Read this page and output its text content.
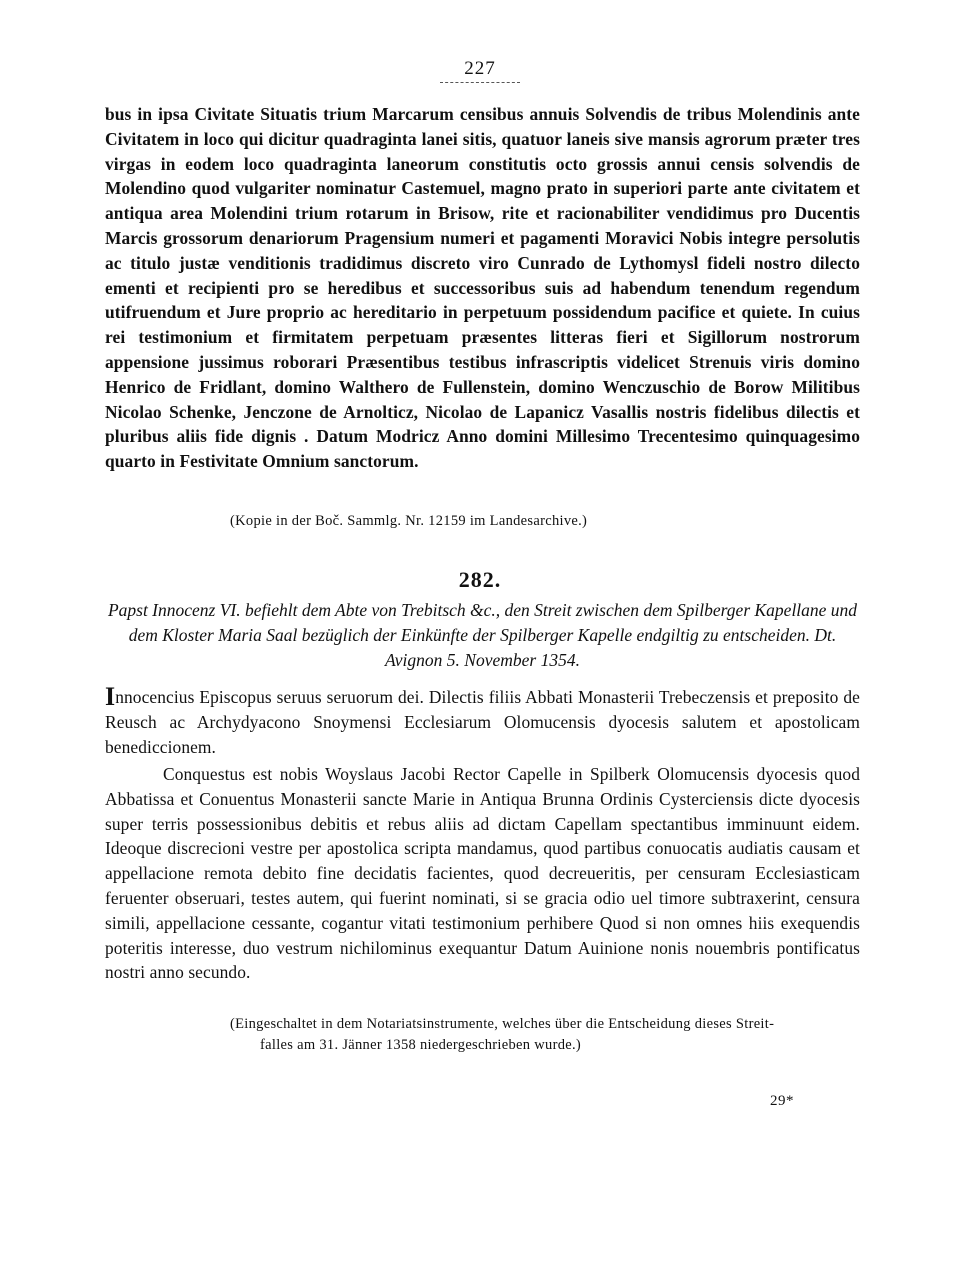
227
bus in ipsa Civitate Situatis trium Marcarum censibus annuis Solvendis de tribus Molendinis ante Civitatem in loco qui dicitur quadraginta lanei sitis, quatuor laneis sive mansis agrorum præter tres virgas in eodem loco quadraginta laneorum constitutis octo grossis annui censis solvendis de Molendino quod vulgariter nominatur Castemuel, magno prato in superiori parte ante civitatem et antiqua area Molendini trium rotarum in Brisow, rite et racionabiliter vendidimus pro Ducentis Marcis grossorum denariorum Pragensium numeri et pagamenti Moravici Nobis integre persolutis ac titulo justæ venditionis tradidimus discreto viro Cunrado de Lythomysl fideli nostro dilecto ementi et recipienti pro se heredibus et successoribus suis ad habendum tenendum regendum utifruendum et Jure proprio ac hereditario in perpetuum possidendum pacifice et quiete. In cuius rei testimonium et firmitatem perpetuam præsentes litteras fieri et Sigillorum nostrorum appensione jussimus roborari Præsentibus testibus infrascriptis videlicet Strenuis viris domino Henrico de Fridlant, domino Walthero de Fullenstein, domino Wenczuschio de Borow Militibus Nicolao Schenke, Jenczone de Arnolticz, Nicolao de Lapanicz Vasallis nostris fidelibus dilectis et pluribus aliis fide dignis . Datum Modricz Anno domini Millesimo Trecentesimo quinquagesimo quarto in Festivitate Omnium sanctorum.
(Kopie in der Boč. Sammlg. Nr. 12159 im Landesarchive.)
282.
Papst Innocenz VI. befiehlt dem Abte von Trebitsch &c., den Streit zwischen dem Spilberger Kapellane und dem Kloster Maria Saal bezüglich der Einkünfte der Spilberger Kapelle endgiltig zu entscheiden. Dt. Avignon 5. November 1354.
Innocencius Episcopus seruus seruorum dei. Dilectis filiis Abbati Monasterii Trebeczensis et preposito de Reusch ac Archydyacono Snoymensi Ecclesiarum Olomucensis dyocesis salutem et apostolicam benediccionem.
Conquestus est nobis Woyslaus Jacobi Rector Capelle in Spilberk Olomucensis dyocesis quod Abbatissa et Conuentus Monasterii sancte Marie in Antiqua Brunna Ordinis Cysterciensis dicte dyocesis super terris possessionibus debitis et rebus aliis ad dictam Capellam spectantibus imminuunt eidem. Ideoque discrecioni vestre per apostolica scripta mandamus, quod partibus conuocatis audiatis causam et appellacione remota debito fine decidatis facientes, quod decreueritis, per censuram Ecclesiasticam feruenter obseruari, testes autem, qui fuerint nominati, si se gracia odio uel timore subtraxerint, censura simili, appellacione cessante, cogantur vitati testimonium perhibere Quod si non omnes hiis exequendis poteritis interesse, duo vestrum nichilominus exequantur Datum Auinione nonis nouembris pontificatus nostri anno secundo.
(Eingeschaltet in dem Notariatsinstrumente, welches über die Entscheidung dieses Streit-
falles am 31. Jänner 1358 niedergeschrieben wurde.)
29*
